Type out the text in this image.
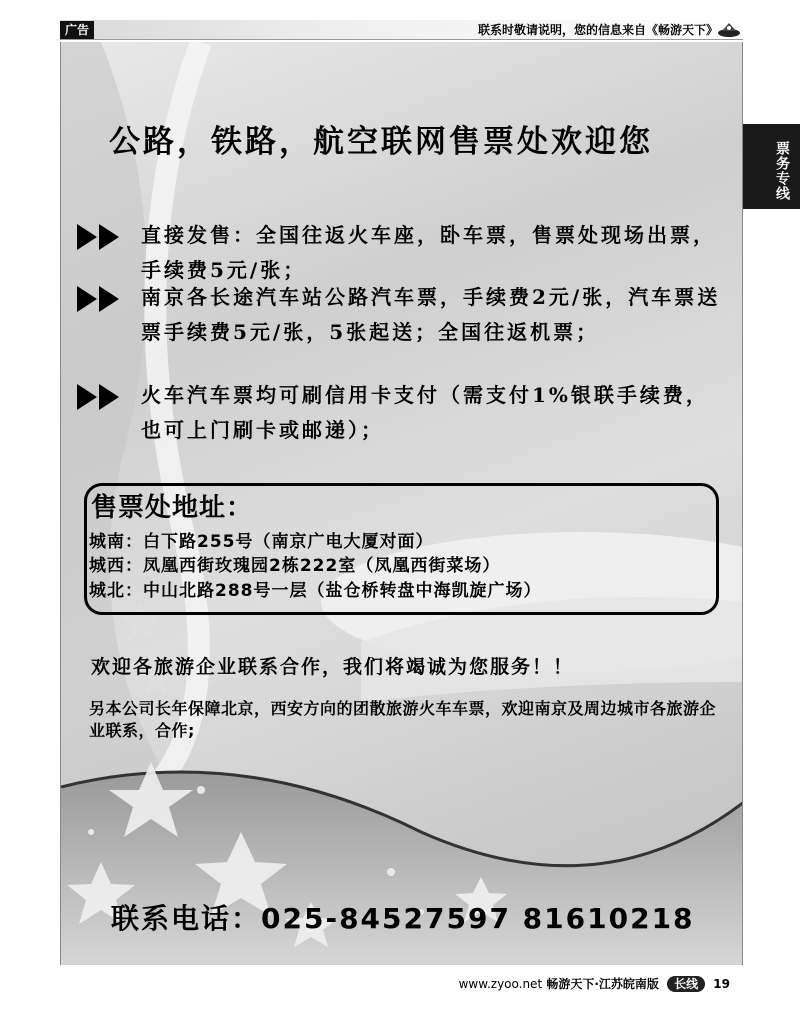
广告	联系时敬请说明，您的信息来自《畅游天下》
票务专线
公路，铁路，航空联网售票处欢迎您
直接发售：全国往返火车座，卧车票，售票处现场出票，手续费5元/张；
南京各长途汽车站公路汽车票，手续费2元/张，汽车票送票手续费5元/张，5张起送；全国往返机票；
火车汽车票均可刷信用卡支付（需支付1%银联手续费，也可上门刷卡或邮递）；
售票处地址：
城南：白下路255号（南京广电大厦对面）
城西：凤凰西街玫瑰园2栋222室（凤凰西街菜场）
城北：中山北路288号一层（盐仓桥转盘中海凯旋广场）
欢迎各旅游企业联系合作，我们将竭诚为您服务！！
另本公司长年保障北京，西安方向的团散旅游火车车票，欢迎南京及周边城市各旅游企业联系，合作;
联系电话：025-84527597 81610218
www.zyoo.net 畅游天下·江苏皖南版 长线 19
